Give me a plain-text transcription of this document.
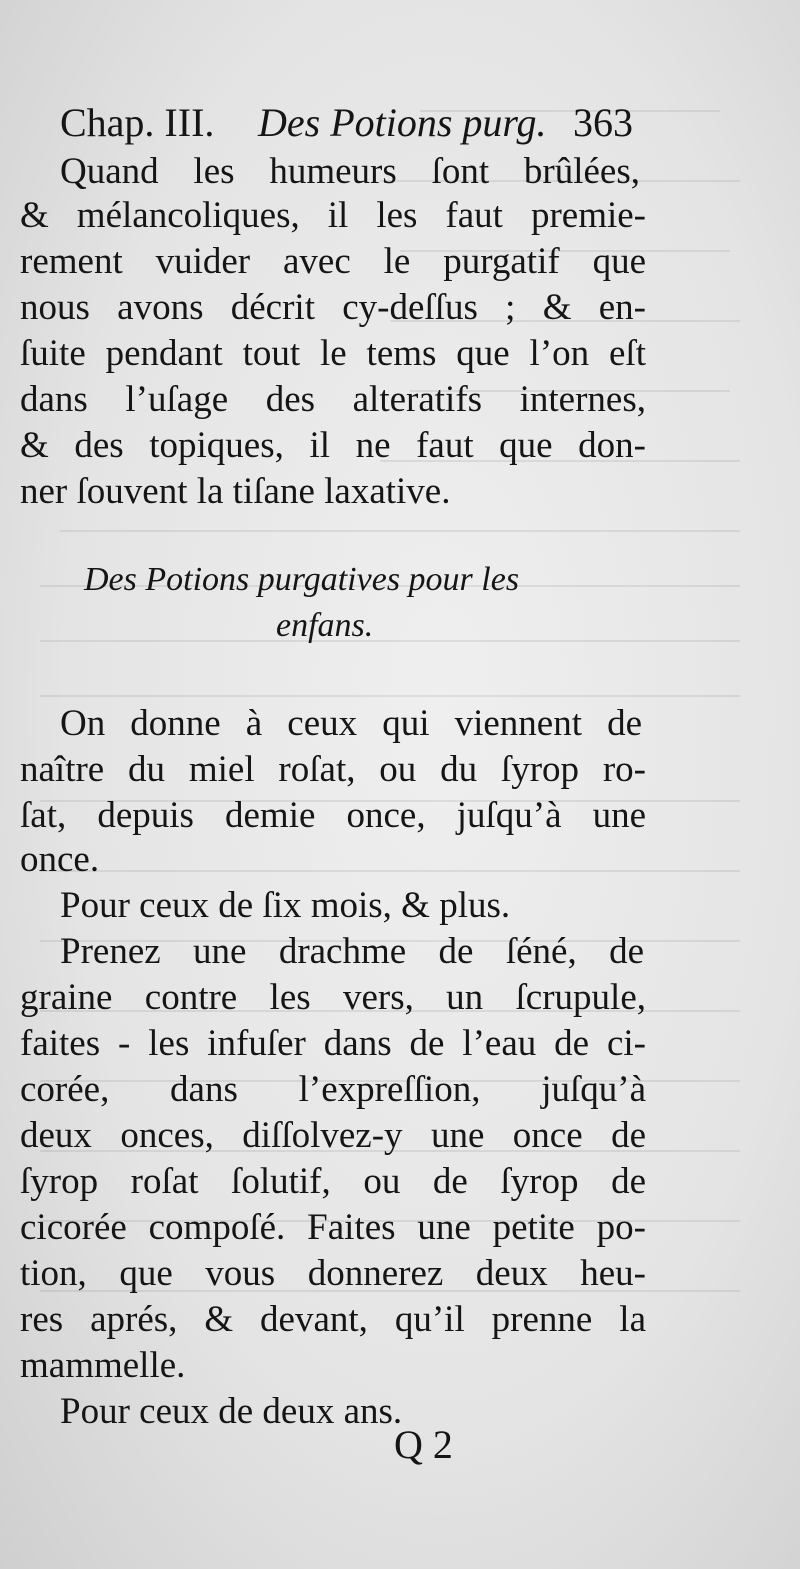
Chap. III. Des Potions purg. 363
Quand les humeurs ſont brûlées,
& mélancoliques, il les faut premie-
rement vuider avec le purgatif que
nous avons décrit cy-deſſus ; & en-
ſuite pendant tout le tems que l’on eſt
dans l’uſage des alteratifs internes,
& des topiques, il ne faut que don-
ner ſouvent la tiſane laxative.
Des Potions purgatives pour les
enfans.
On donne à ceux qui viennent de
naître du miel roſat, ou du ſyrop ro-
ſat, depuis demie once, juſqu’à une
once.
Pour ceux de ſix mois, & plus.
Prenez une drachme de ſéné, de
graine contre les vers, un ſcrupule,
faites - les infuſer dans de l’eau de ci-
corée, dans l’expreſſion, juſqu’à
deux onces, diſſolvez-y une once de
ſyrop roſat ſolutif, ou de ſyrop de
cicorée compoſé. Faites une petite po-
tion, que vous donnerez deux heu-
res aprés, & devant, qu’il prenne la
mammelle.
Pour ceux de deux ans.
Q 2
